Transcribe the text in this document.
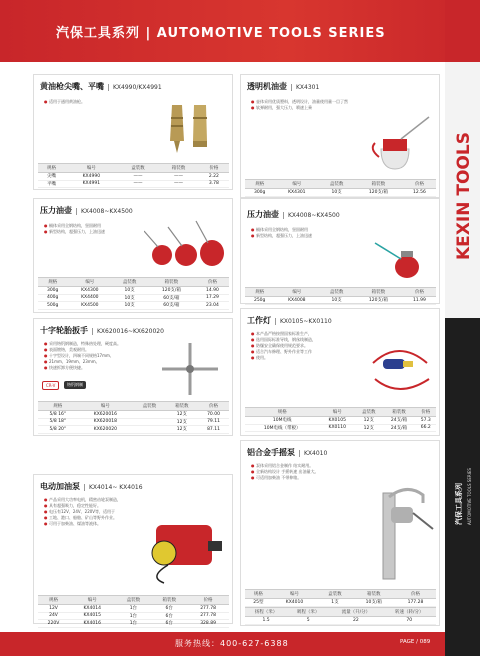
汽保工具系列 | AUTOMOTIVE TOOLS SERIES
KEXIN TOOLS
汽保工具系列 AUTOMOTIVE TOOLS SERIES
黄油枪尖嘴、平嘴 KX4990/KX4991
● 适用于通用黄油枪。
规格	编号	盒装数	箱装数	价格
尖嘴	KX4990	——	——	2.22
平嘴	KX4991	——	——	3.78
透明机油壶 KX4301
● 壶体采用优质塑料，透明设计，油量使用量一目了然
● 软弹耐用，强大压力，喷速上乘
规格	编号	盒装数	箱装数	价格
300g	KX4301	10支	120支/箱	12.56
压力油壶 KX4008~KX4500
● 桶体采用全钢结构，坚固耐用
● 新型结构，超强压力，上油迅速
规格	编号	盒装数	箱装数	价格
300g	KX4300	10支	120支/箱	14.90
400g	KX4400	10支	60支/箱	17.29
500g	KX4500	10支	60支/箱	23.04
压力油壶 KX4008~KX4500
● 桶体采用全钢结构，坚固耐用
● 新型结构，超强压力，上油迅速
规格	编号	盒装数	箱装数	价格
250g	KX4008	10支	120支/箱	11.99
十字轮胎扳手 KX620016~KX620020
● 采用铬钒钢制造，特殊热处理，硬度高。
● 表面镀铬，美观耐用。
● 十字型设计，四端不同规格17mm、
● 21mm、19mm、23mm。
● 快速拆卸方便快捷。
CR-V	铬钒钢制
规格	编号	盒装数	箱装数	价格
5/8 16"	KX620016		12支	70.00
5/8 18"	KX620018		12支	79.11
5/8 20"	KX620020		12支	87.11
工作灯 KX0105~KX0110
● 本产品严格按照国家标准生产，
● 选用国际标准导线，钢丝线制造，
● 防爆安全确保使用规范要求。
● 适合汽车修理、野外作业等工作
● 使用。
规格	编号	盒装数	箱装数	价格
10M电线	KX0105	12支	24支/箱	57.3
10M电线（带板）	KX0110	12支	24支/箱	66.2
电动加油泵 KX4014~ KX4016
● 产品采用大功率电机，精密齿轮泵制造，
● 具有超强吸力，稳定性能好。
● 电压有12V、24V、220V等，适用于
● 工地、港口、船舶、矿山等野外作业。
● 可用于加柴油、煤油等液体。
规格	编号	盒装数	箱装数	价格
12V	KX4014	1台	6台	277.78
24V	KX4015	1台	6台	277.78
220V	KX4016	1台	6台	328.89
铝合金手摇泵 KX4010
● 泵体采用铝合金制作 结实耐用。
● 全新结构设计 手摇转速 出油量大。
● 可适用加柴油 不带伸缩。
规格	编号	盒装数	箱装数	价格
25型	KX4010	1支	10支/箱	177.28
扬程（米）	吸程（米）	流量（升/分）	转速（转/分）
1.5	5	22	70
服务热线：400-627-6388	PAGE / 089
